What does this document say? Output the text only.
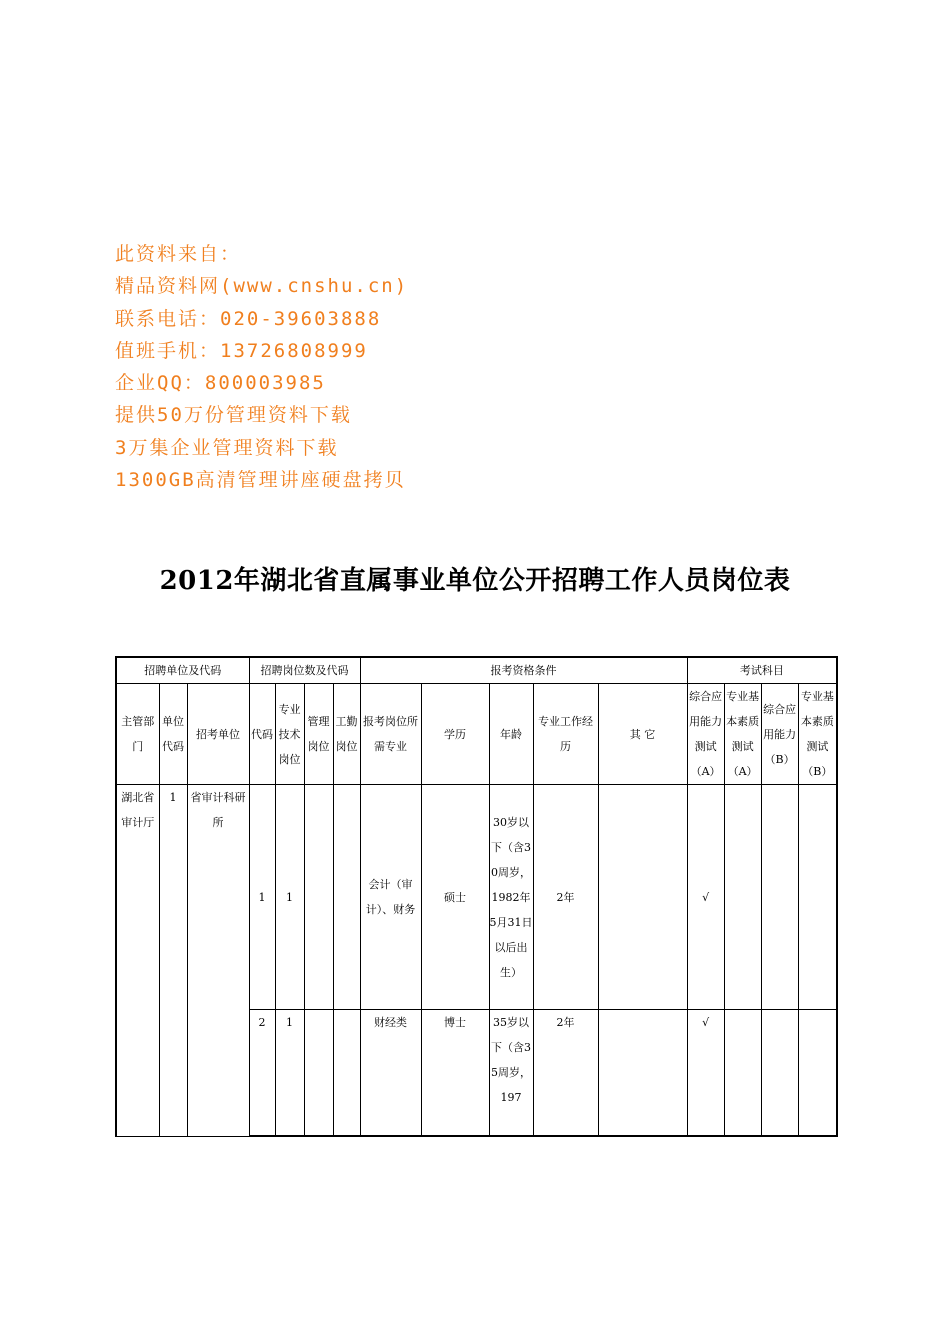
此资料来自：
精品资料网(www.cnshu.cn)
联系电话：020-39603888
值班手机：13726808999
企业QQ：800003985
提供50万份管理资料下载
3万集企业管理资料下载
1300GB高清管理讲座硬盘拷贝
2012年湖北省直属事业单位公开招聘工作人员岗位表
招聘单位及代码			招聘岗位数及代码				报考资格条件					考试科目			
主管部门	单位代码	招考单位	代码	专业技术岗位	管理岗位	工勤岗位	报考岗位所需专业	学历	年龄	专业工作经历	其 它	综合应用能力测试（A）	专业基本素质测试（A）	综合应用能力（B）	专业基本素质测试（B）
湖北省审计厅	1	省审计科研所	1	1			会计（审计）、财务	硕士	30岁以下（含30周岁，1982年5月31日以后出生）	2年		√			
			2	1			财经类	博士	35岁以下（含35周岁，197	2年		√			
